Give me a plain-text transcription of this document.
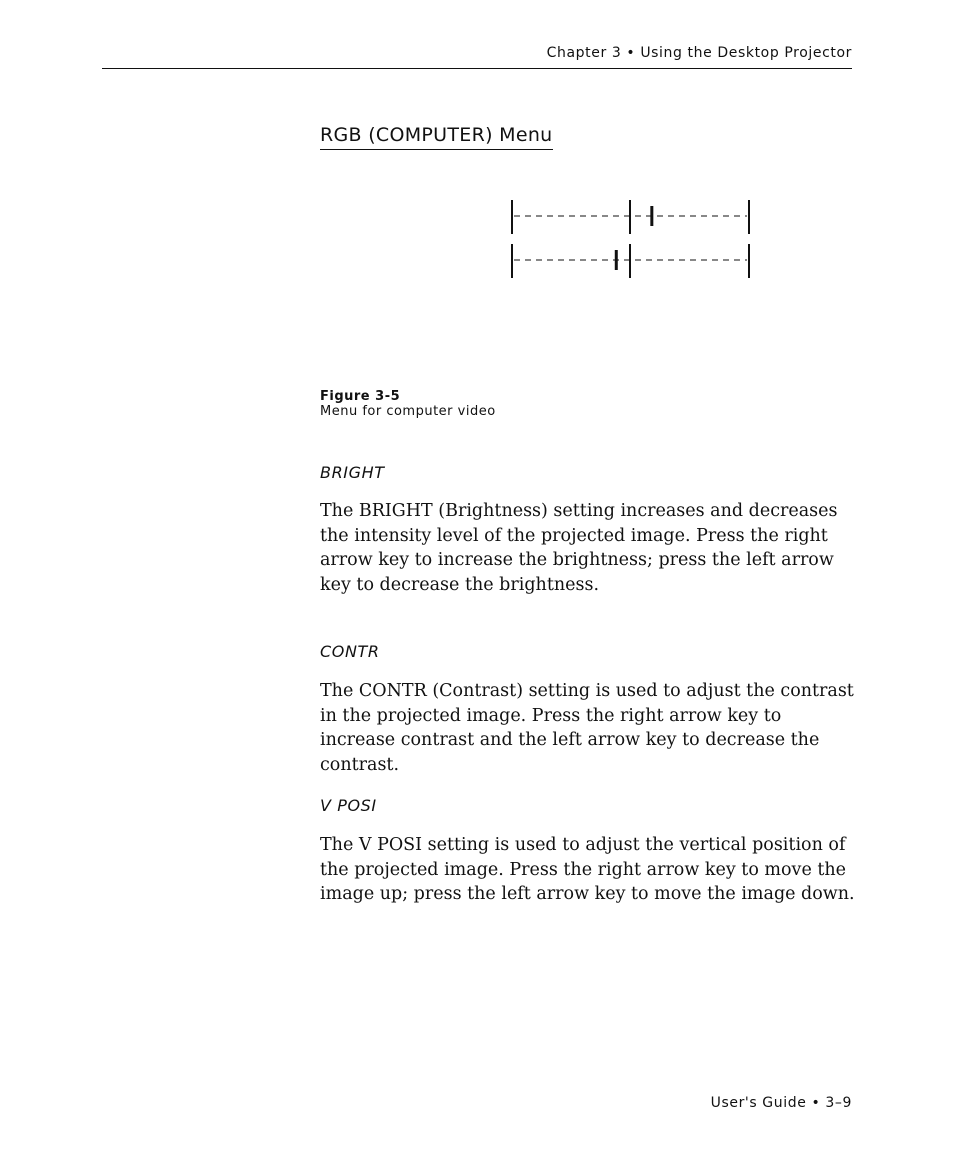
Chapter 3 • Using the Desktop Projector
RGB (COMPUTER) Menu
Figure 3-5
Menu for computer video
BRIGHT

The BRIGHT (Brightness) setting increases and decreases the intensity level of the projected image. Press the right arrow key to increase the brightness; press the left arrow key to decrease the brightness.

CONTR

The CONTR (Contrast) setting is used to adjust the contrast in the projected image. Press the right arrow key to increase contrast and the left arrow key to decrease the contrast.

V POSI

The V POSI setting is used to adjust the vertical position of the projected image. Press the right arrow key to move the image up; press the left arrow key to move the image down.

User's Guide • 3–9
